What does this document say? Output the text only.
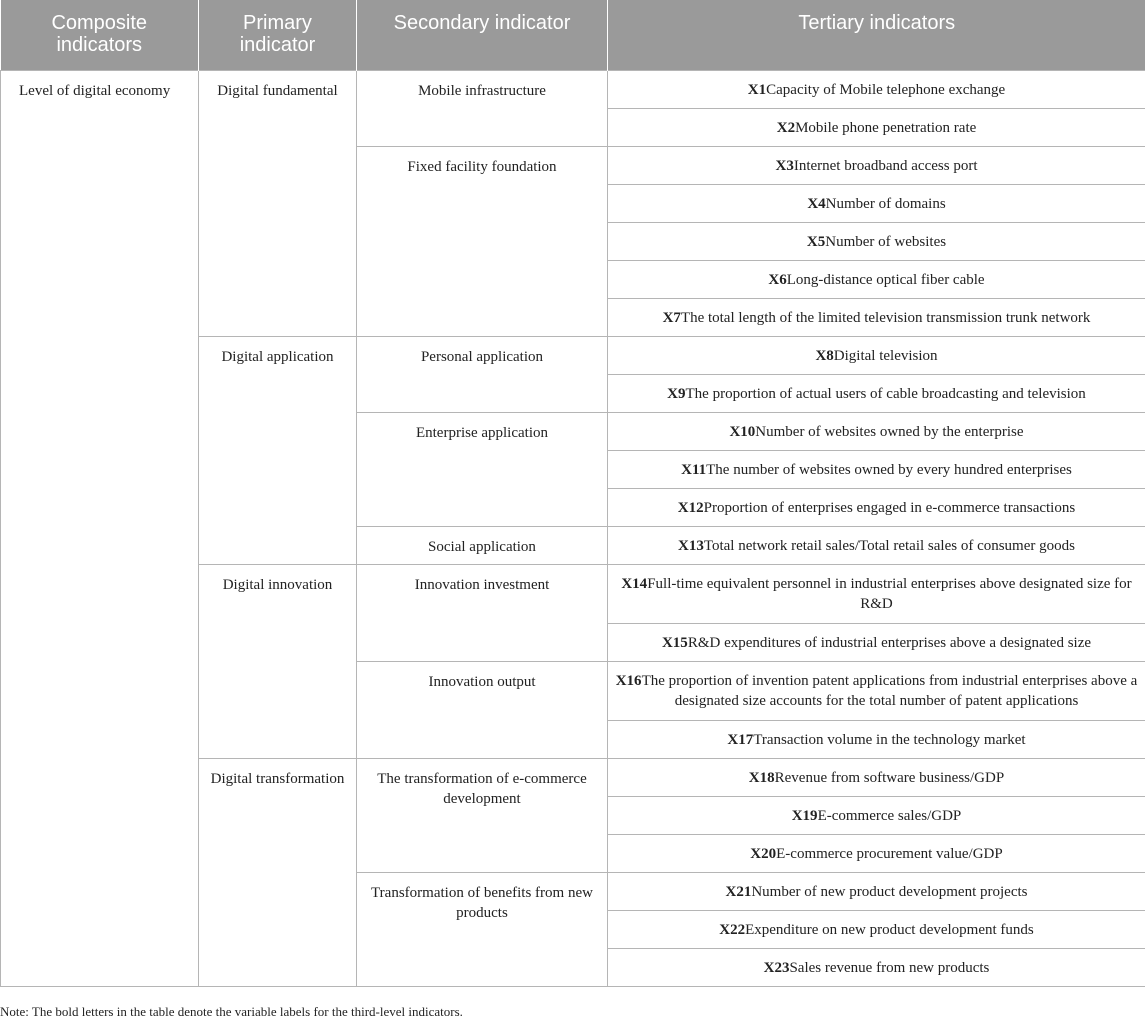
Composite indicators	Primary indicator	Secondary indicator	Tertiary indicators
Level of digital economy	Digital fundamental	Mobile infrastructure	X1Capacity of Mobile telephone exchange
			X2Mobile phone penetration rate
		Fixed facility foundation	X3Internet broadband access port
			X4Number of domains
			X5Number of websites
			X6Long-distance optical fiber cable
			X7The total length of the limited television transmission trunk network
	Digital application	Personal application	X8Digital television
			X9The proportion of actual users of cable broadcasting and television
		Enterprise application	X10Number of websites owned by the enterprise
			X11The number of websites owned by every hundred enterprises
			X12Proportion of enterprises engaged in e-commerce transactions
		Social application	X13Total network retail sales/Total retail sales of consumer goods
	Digital innovation	Innovation investment	X14Full-time equivalent personnel in industrial enterprises above designated size for R&D
			X15R&D expenditures of industrial enterprises above a designated size
		Innovation output	X16The proportion of invention patent applications from industrial enterprises above a designated size accounts for the total number of patent applications
			X17Transaction volume in the technology market
	Digital transformation	The transformation of e-commerce development	X18Revenue from software business/GDP
			X19E-commerce sales/GDP
			X20E-commerce procurement value/GDP
		Transformation of benefits from new products	X21Number of new product development projects
			X22Expenditure on new product development funds
			X23Sales revenue from new products
Note: The bold letters in the table denote the variable labels for the third-level indicators.
